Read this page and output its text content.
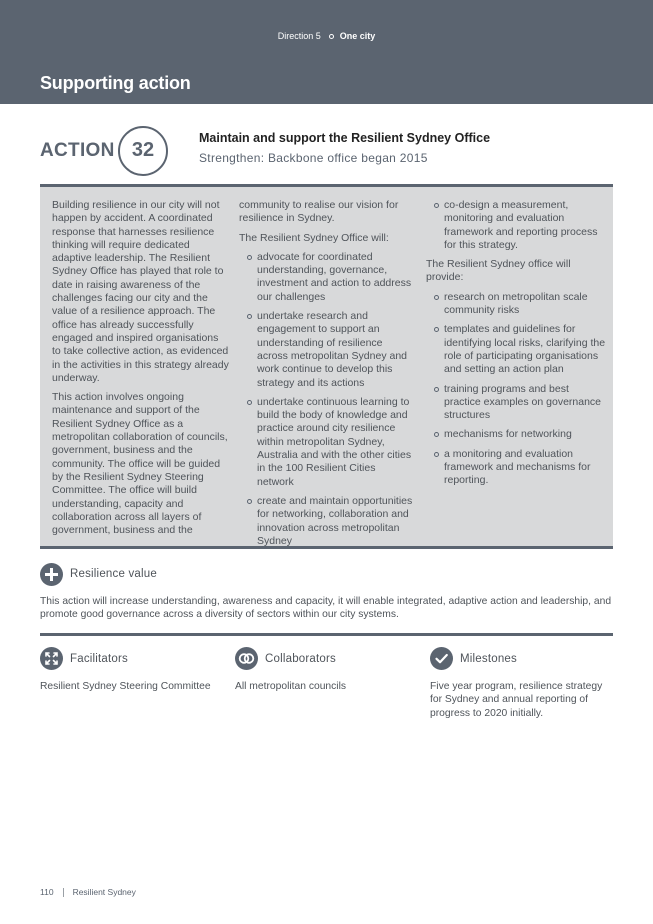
Direction 5 One city
Supporting action
ACTION 32
Maintain and support the Resilient Sydney Office
Strengthen: Backbone office began 2015

Building resilience in our city will not happen by accident. A coordinated response that harnesses resilience thinking will require dedicated adaptive leadership. The Resilient Sydney Office has played that role to date in raising awareness of the challenges facing our city and the value of a resilience approach. The office has already successfully engaged and inspired organisations to take collective action, as evidenced in the activities in this strategy already underway.

This action involves ongoing maintenance and support of the Resilient Sydney Office as a metropolitan collaboration of councils, government, business and the community. The office will be guided by the Resilient Sydney Steering Committee. The office will build understanding, capacity and collaboration across all layers of government, business and the

community to realise our vision for resilience in Sydney.

The Resilient Sydney Office will:

advocate for coordinated understanding, governance, investment and action to address our challenges
undertake research and engagement to support an understanding of resilience across metropolitan Sydney and work continue to develop this strategy and its actions
undertake continuous learning to build the body of knowledge and practice around city resilience within metropolitan Sydney, Australia and with the other cities in the 100 Resilient Cities network
create and maintain opportunities for networking, collaboration and innovation across metropolitan Sydney
co-design a measurement, monitoring and evaluation framework and reporting process for this strategy.

The Resilient Sydney office will provide:

research on metropolitan scale community risks
templates and guidelines for identifying local risks, clarifying the role of participating organisations and setting an action plan
training programs and best practice examples on governance structures
mechanisms for networking
a monitoring and evaluation framework and mechanisms for reporting.
Resilience value
This action will increase understanding, awareness and capacity, it will enable integrated, adaptive action and leadership, and promote good governance across a diversity of sectors within our city systems.
Facilitators
Resilient Sydney Steering Committee
Collaborators
All metropolitan councils
Milestones
Five year program, resilience strategy for Sydney and annual reporting of progress to 2020 initially.
110 Resilient Sydney
